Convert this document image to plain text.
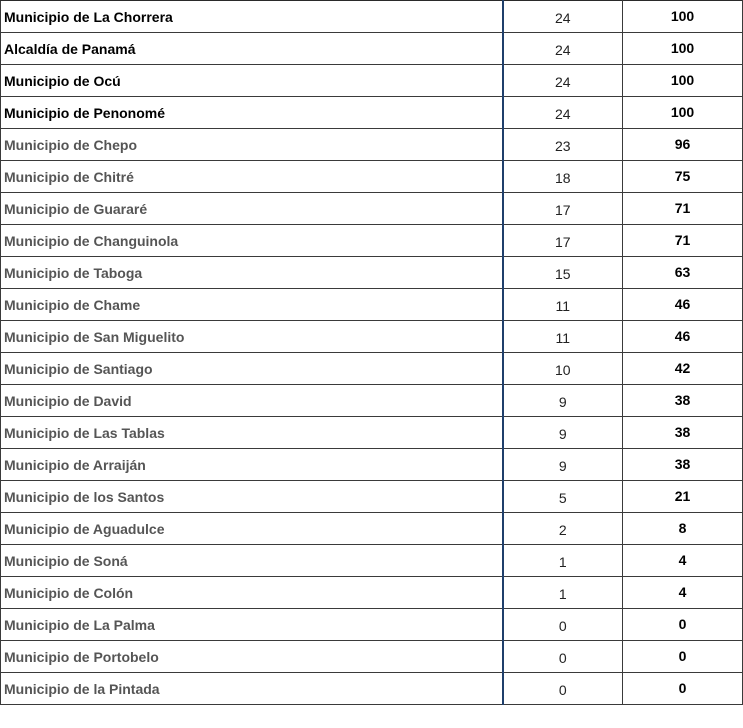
Municipio de La Chorrera	24	100
Alcaldía de Panamá	24	100
Municipio de Ocú	24	100
Municipio de Penonomé	24	100
Municipio de Chepo	23	96
Municipio de Chitré	18	75
Municipio de Guararé	17	71
Municipio de Changuinola	17	71
Municipio de Taboga	15	63
Municipio de Chame	11	46
Municipio de San Miguelito	11	46
Municipio de Santiago	10	42
Municipio de David	9	38
Municipio de Las Tablas	9	38
Municipio de Arraiján	9	38
Municipio de los Santos	5	21
Municipio de Aguadulce	2	8
Municipio de Soná	1	4
Municipio de Colón	1	4
Municipio de La Palma	0	0
Municipio de Portobelo	0	0
Municipio de la Pintada	0	0
